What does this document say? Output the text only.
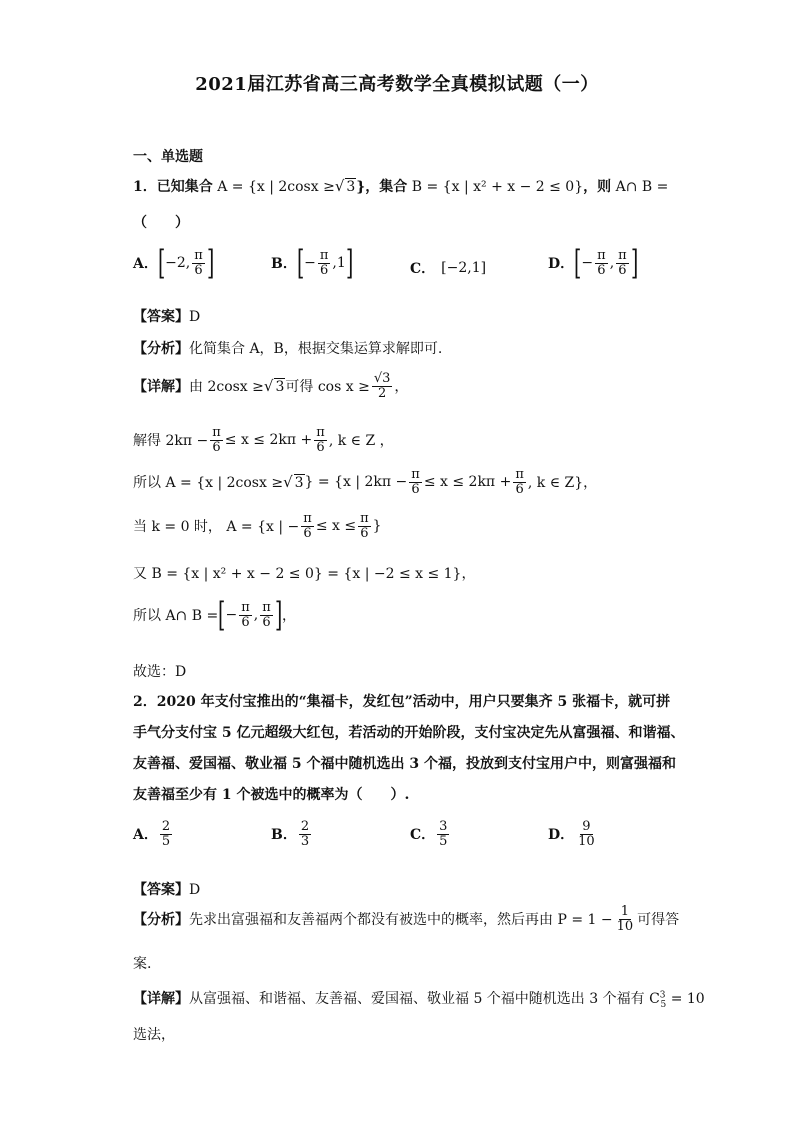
2021届江苏省高三高考数学全真模拟试题（一）
一、单选题
1．已知集合 A = {x | 2cosx ≥√ 3}，集合 B = {x | x² + x − 2 ≤ 0}，则 A∩ B =
（　　）
A． [ −2, $\frac{\pi}{6}$ ]	B． [ − $\frac{\pi}{6} ,1$ ]	C． [−2,1]	D． [ − $\frac{\pi}{6}$ , $\frac{\pi}{6}$ ]
【答案】D
【分析】化简集合 A，B，根据交集运算求解即可.
【详解】 由 2cosx ≥ √ 3 可得 $\cos x \ge \frac{√3}{2}$ ，
解得 $2k\pi - \frac{\pi}{6} \le x \le 2k\pi + \frac{\pi}{6}$ , k ∈ Z ，
所以 A = {x | 2cosx ≥ √ 3 } = {x | $2k\pi - \frac{\pi}{6} \le x \le 2k\pi + \frac{\pi}{6}$ , k ∈ Z}，
当 k = 0 时， A = {x | − $\frac{\pi}{6} \le x \le \frac{\pi}{6}$ }
又 B = {x | x² + x − 2 ≤ 0} = {x | −2 ≤ x ≤ 1}，
所以 A∩ B = [ − $\frac{\pi}{6}$ , $\frac{\pi}{6}$ ] ，
故选：D
2．2020 年支付宝推出的“集福卡，发红包”活动中，用户只要集齐 5 张福卡，就可拼
手气分支付宝 5 亿元超级大红包，若活动的开始阶段，支付宝决定先从富强福、和谐福、
友善福、爱国福、敬业福 5 个福中随机选出 3 个福，投放到支付宝用户中，则富强福和
友善福至少有 1 个被选中的概率为（　　）.
A． $\frac{2}{5}$	B． $\frac{2}{3}$	C． $\frac{3}{5}$	D． $\frac{9}{10}$
【答案】D
【分析】 先求出富强福和友善福两个都没有被选中的概率，然后再由 $P = 1 - \frac{1}{10}$ 可得答
案.
【详解】从富强福、和谐福、友善福、爱国福、敬业福 5 个福中随机选出 3 个福有 $C^3_5 = 10$
选法，
